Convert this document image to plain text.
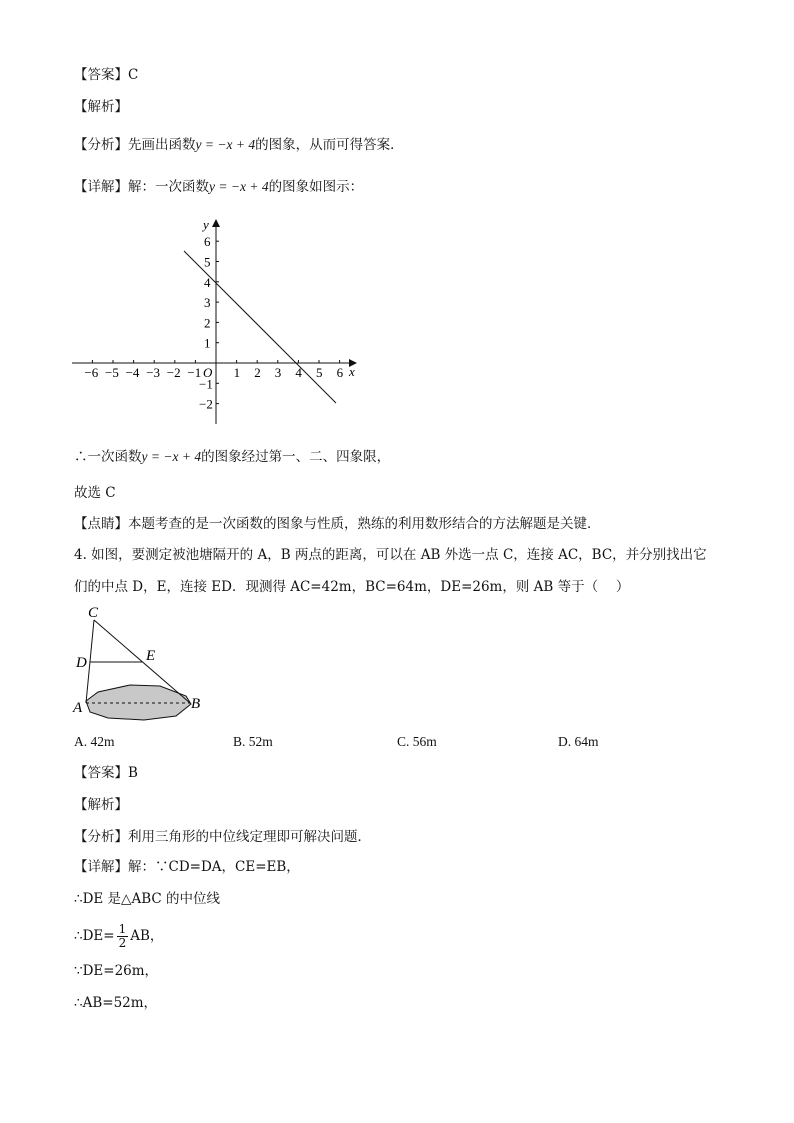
【答案】C
【解析】
【分析】先画出函数y = −x + 4的图象，从而可得答案．
【详解】解：一次函数y = −x + 4的图象如图示：
−6 −5 −4 −3 −2 −1 1 2 3 4 5 6
6
5
4
3
2
1
−1
−2
O	x
y
∴一次函数y = −x + 4的图象经过第一、二、四象限，
故选 C
【点睛】本题考查的是一次函数的图象与性质，熟练的利用数形结合的方法解题是关键．
4. 如图，要测定被池塘隔开的 A，B 两点的距离，可以在 AB 外选一点 C，连接 AC，BC，并分别找出它
们的中点 D，E，连接 ED．现测得 AC=42m，BC=64m，DE=26m，则 AB 等于（　 ）
C
D	E
A	B
A. 42m	B. 52m	C. 56m	D. 64m
【答案】B
【解析】
【分析】利用三角形的中位线定理即可解决问题．
【详解】解：∵CD=DA，CE=EB，
∴DE 是△ABC 的中位线
∴DE= $\frac{1}{2}$ AB，
∵DE=26m，
∴AB=52m，
